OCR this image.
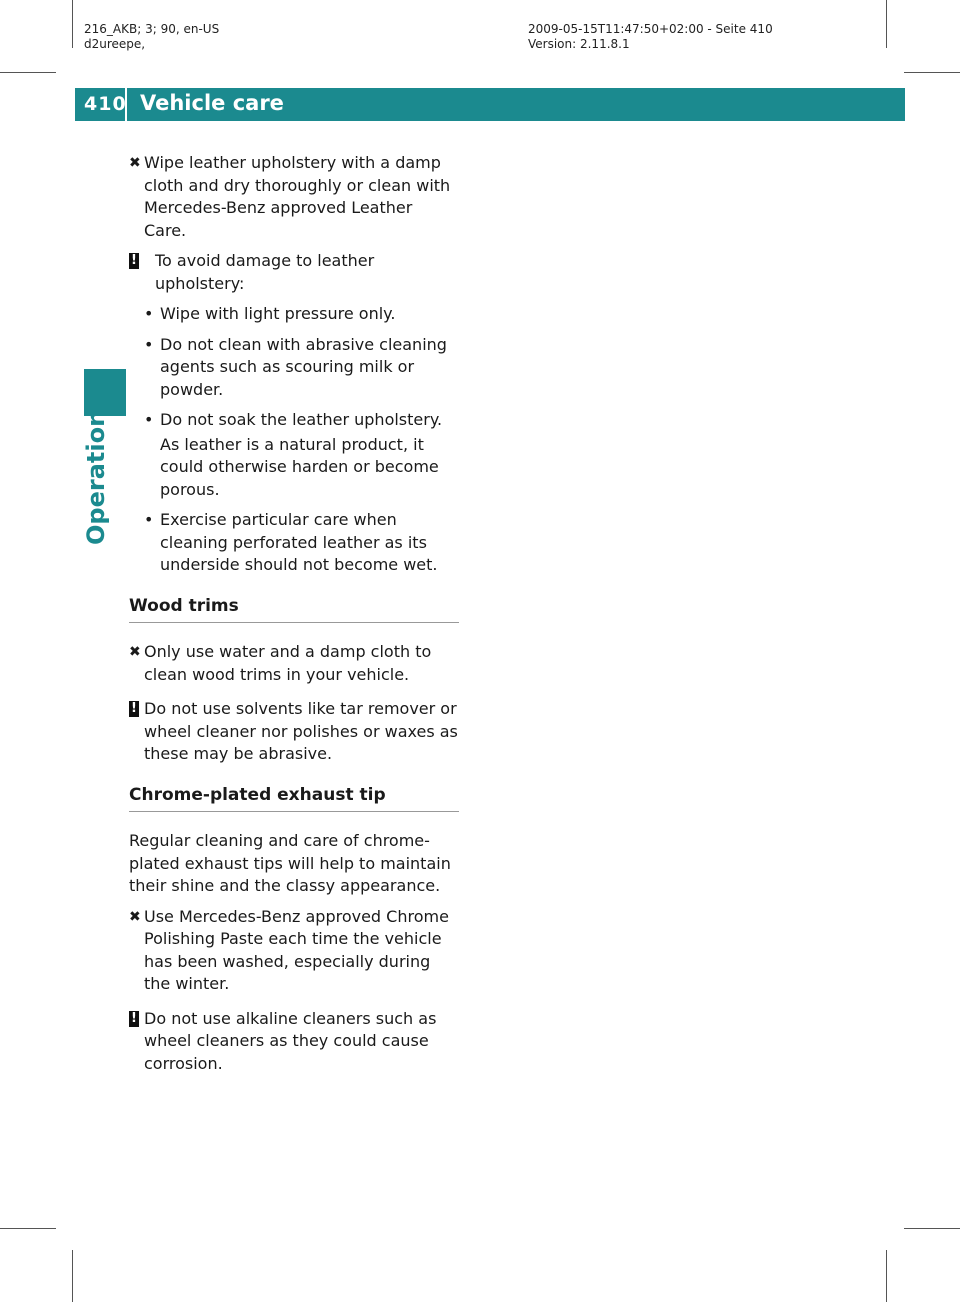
216_AKB; 3; 90, en-US
d2ureepe,
2009-05-15T11:47:50+02:00 - Seite 410
Version: 2.11.8.1
410 Vehicle care
Operation
✖ Wipe leather upholstery with a damp cloth and dry thoroughly or clean with Mercedes-Benz approved Leather Care.
! To avoid damage to leather upholstery:
• Wipe with light pressure only.
• Do not clean with abrasive cleaning agents such as scouring milk or powder.
• Do not soak the leather upholstery.
As leather is a natural product, it could otherwise harden or become porous.
• Exercise particular care when cleaning perforated leather as its underside should not become wet.
Wood trims
✖ Only use water and a damp cloth to clean wood trims in your vehicle.
! Do not use solvents like tar remover or wheel cleaner nor polishes or waxes as these may be abrasive.
Chrome-plated exhaust tip
Regular cleaning and care of chrome-plated exhaust tips will help to maintain their shine and the classy appearance.
✖ Use Mercedes-Benz approved Chrome Polishing Paste each time the vehicle has been washed, especially during the winter.
! Do not use alkaline cleaners such as wheel cleaners as they could cause corrosion.
